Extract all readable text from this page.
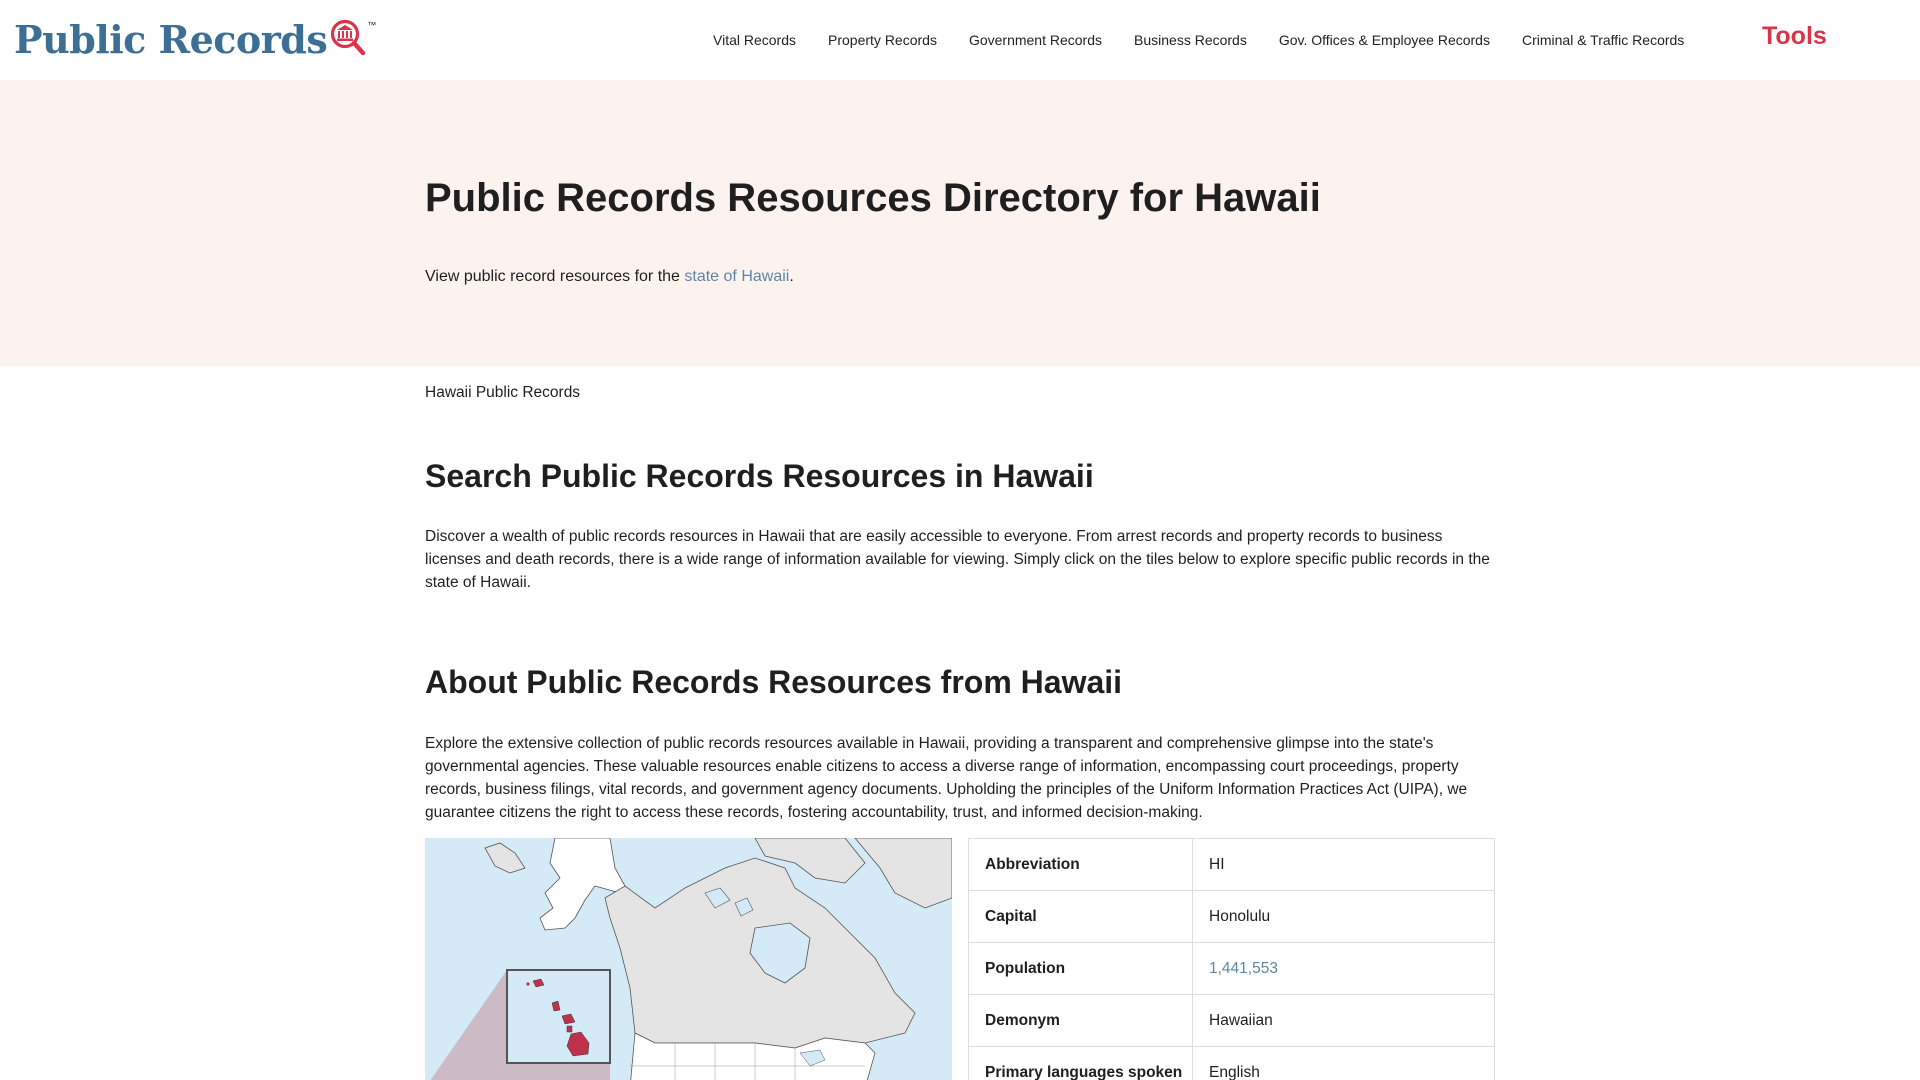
Public Records	™
Vital Records Property Records Government Records Business Records Gov. Offices & Employee Records Criminal & Traffic Records	Tools
Public Records Resources Directory for Hawaii

View public record resources for the state of Hawaii.

Hawaii Public Records
Search Public Records Resources in Hawaii

Discover a wealth of public records resources in Hawaii that are easily accessible to everyone. From arrest records and property records to business licenses and death records, there is a wide range of information available for viewing. Simply click on the tiles below to explore specific public records in the state of Hawaii.

About Public Records Resources from Hawaii

Explore the extensive collection of public records resources available in Hawaii, providing a transparent and comprehensive glimpse into the state's governmental agencies. These valuable resources enable citizens to access a diverse range of information, encompassing court proceedings, property records, business filings, vital records, and government agency documents. Upholding the principles of the Uniform Information Practices Act (UIPA), we guarantee citizens the right to access these records, fostering accountability, trust, and informed decision-making.

Abbreviation	HI
Capital	Honolulu
Population	1,441,553
Demonym	Hawaiian
Primary languages spoken	English
